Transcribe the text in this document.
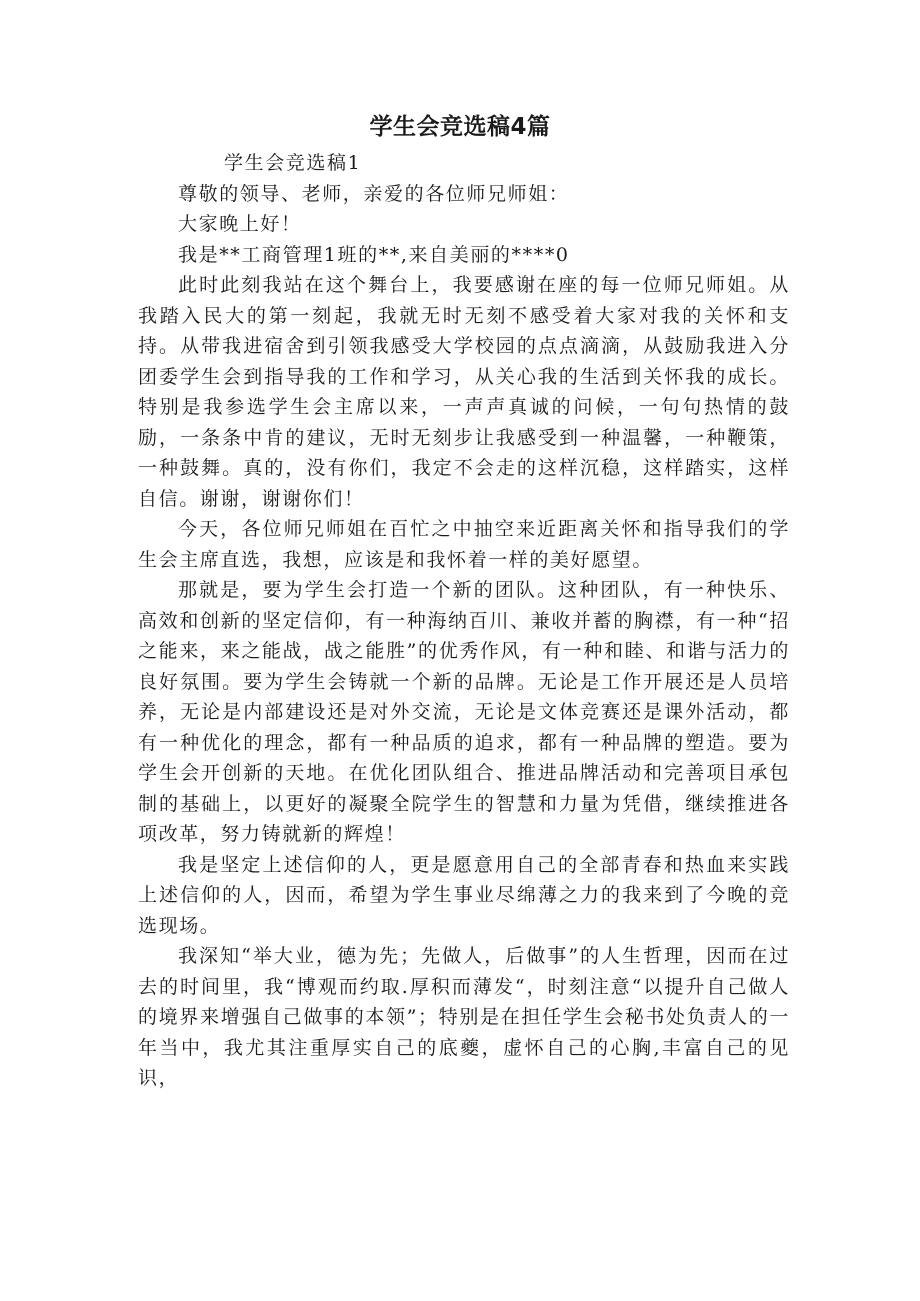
学生会竞选稿4篇

学生会竞选稿1

尊敬的领导、老师，亲爱的各位师兄师姐：

大家晚上好！

我是**工商管理1班的**,来自美丽的****0

此时此刻我站在这个舞台上，我要感谢在座的每一位师兄师姐。从我踏入民大的第一刻起，我就无时无刻不感受着大家对我的关怀和支持。从带我进宿舍到引领我感受大学校园的点点滴滴，从鼓励我进入分团委学生会到指导我的工作和学习，从关心我的生活到关怀我的成长。特别是我参选学生会主席以来，一声声真诚的问候，一句句热情的鼓励，一条条中肯的建议，无时无刻步让我感受到一种温馨，一种鞭策，一种鼓舞。真的，没有你们，我定不会走的这样沉稳，这样踏实，这样自信。谢谢，谢谢你们！

今天，各位师兄师姐在百忙之中抽空来近距离关怀和指导我们的学生会主席直选，我想，应该是和我怀着一样的美好愿望。

那就是，要为学生会打造一个新的团队。这种团队，有一种快乐、高效和创新的坚定信仰，有一种海纳百川、兼收并蓄的胸襟，有一种“招之能来，来之能战，战之能胜”的优秀作风，有一种和睦、和谐与活力的良好氛围。要为学生会铸就一个新的品牌。无论是工作开展还是人员培养，无论是内部建设还是对外交流，无论是文体竞赛还是课外活动，都有一种优化的理念，都有一种品质的追求，都有一种品牌的塑造。要为学生会开创新的天地。在优化团队组合、推进品牌活动和完善项目承包制的基础上，以更好的凝聚全院学生的智慧和力量为凭借，继续推进各项改革，努力铸就新的辉煌！

我是坚定上述信仰的人，更是愿意用自己的全部青春和热血来实践上述信仰的人，因而，希望为学生事业尽绵薄之力的我来到了今晚的竞选现场。

我深知“举大业，德为先；先做人，后做事”的人生哲理，因而在过去的时间里，我“博观而约取.厚积而薄发“，时刻注意“以提升自己做人的境界来增强自己做事的本领”；特别是在担任学生会秘书处负责人的一年当中，我尤其注重厚实自己的底夔，虚怀自己的心胸,丰富自己的见识，
